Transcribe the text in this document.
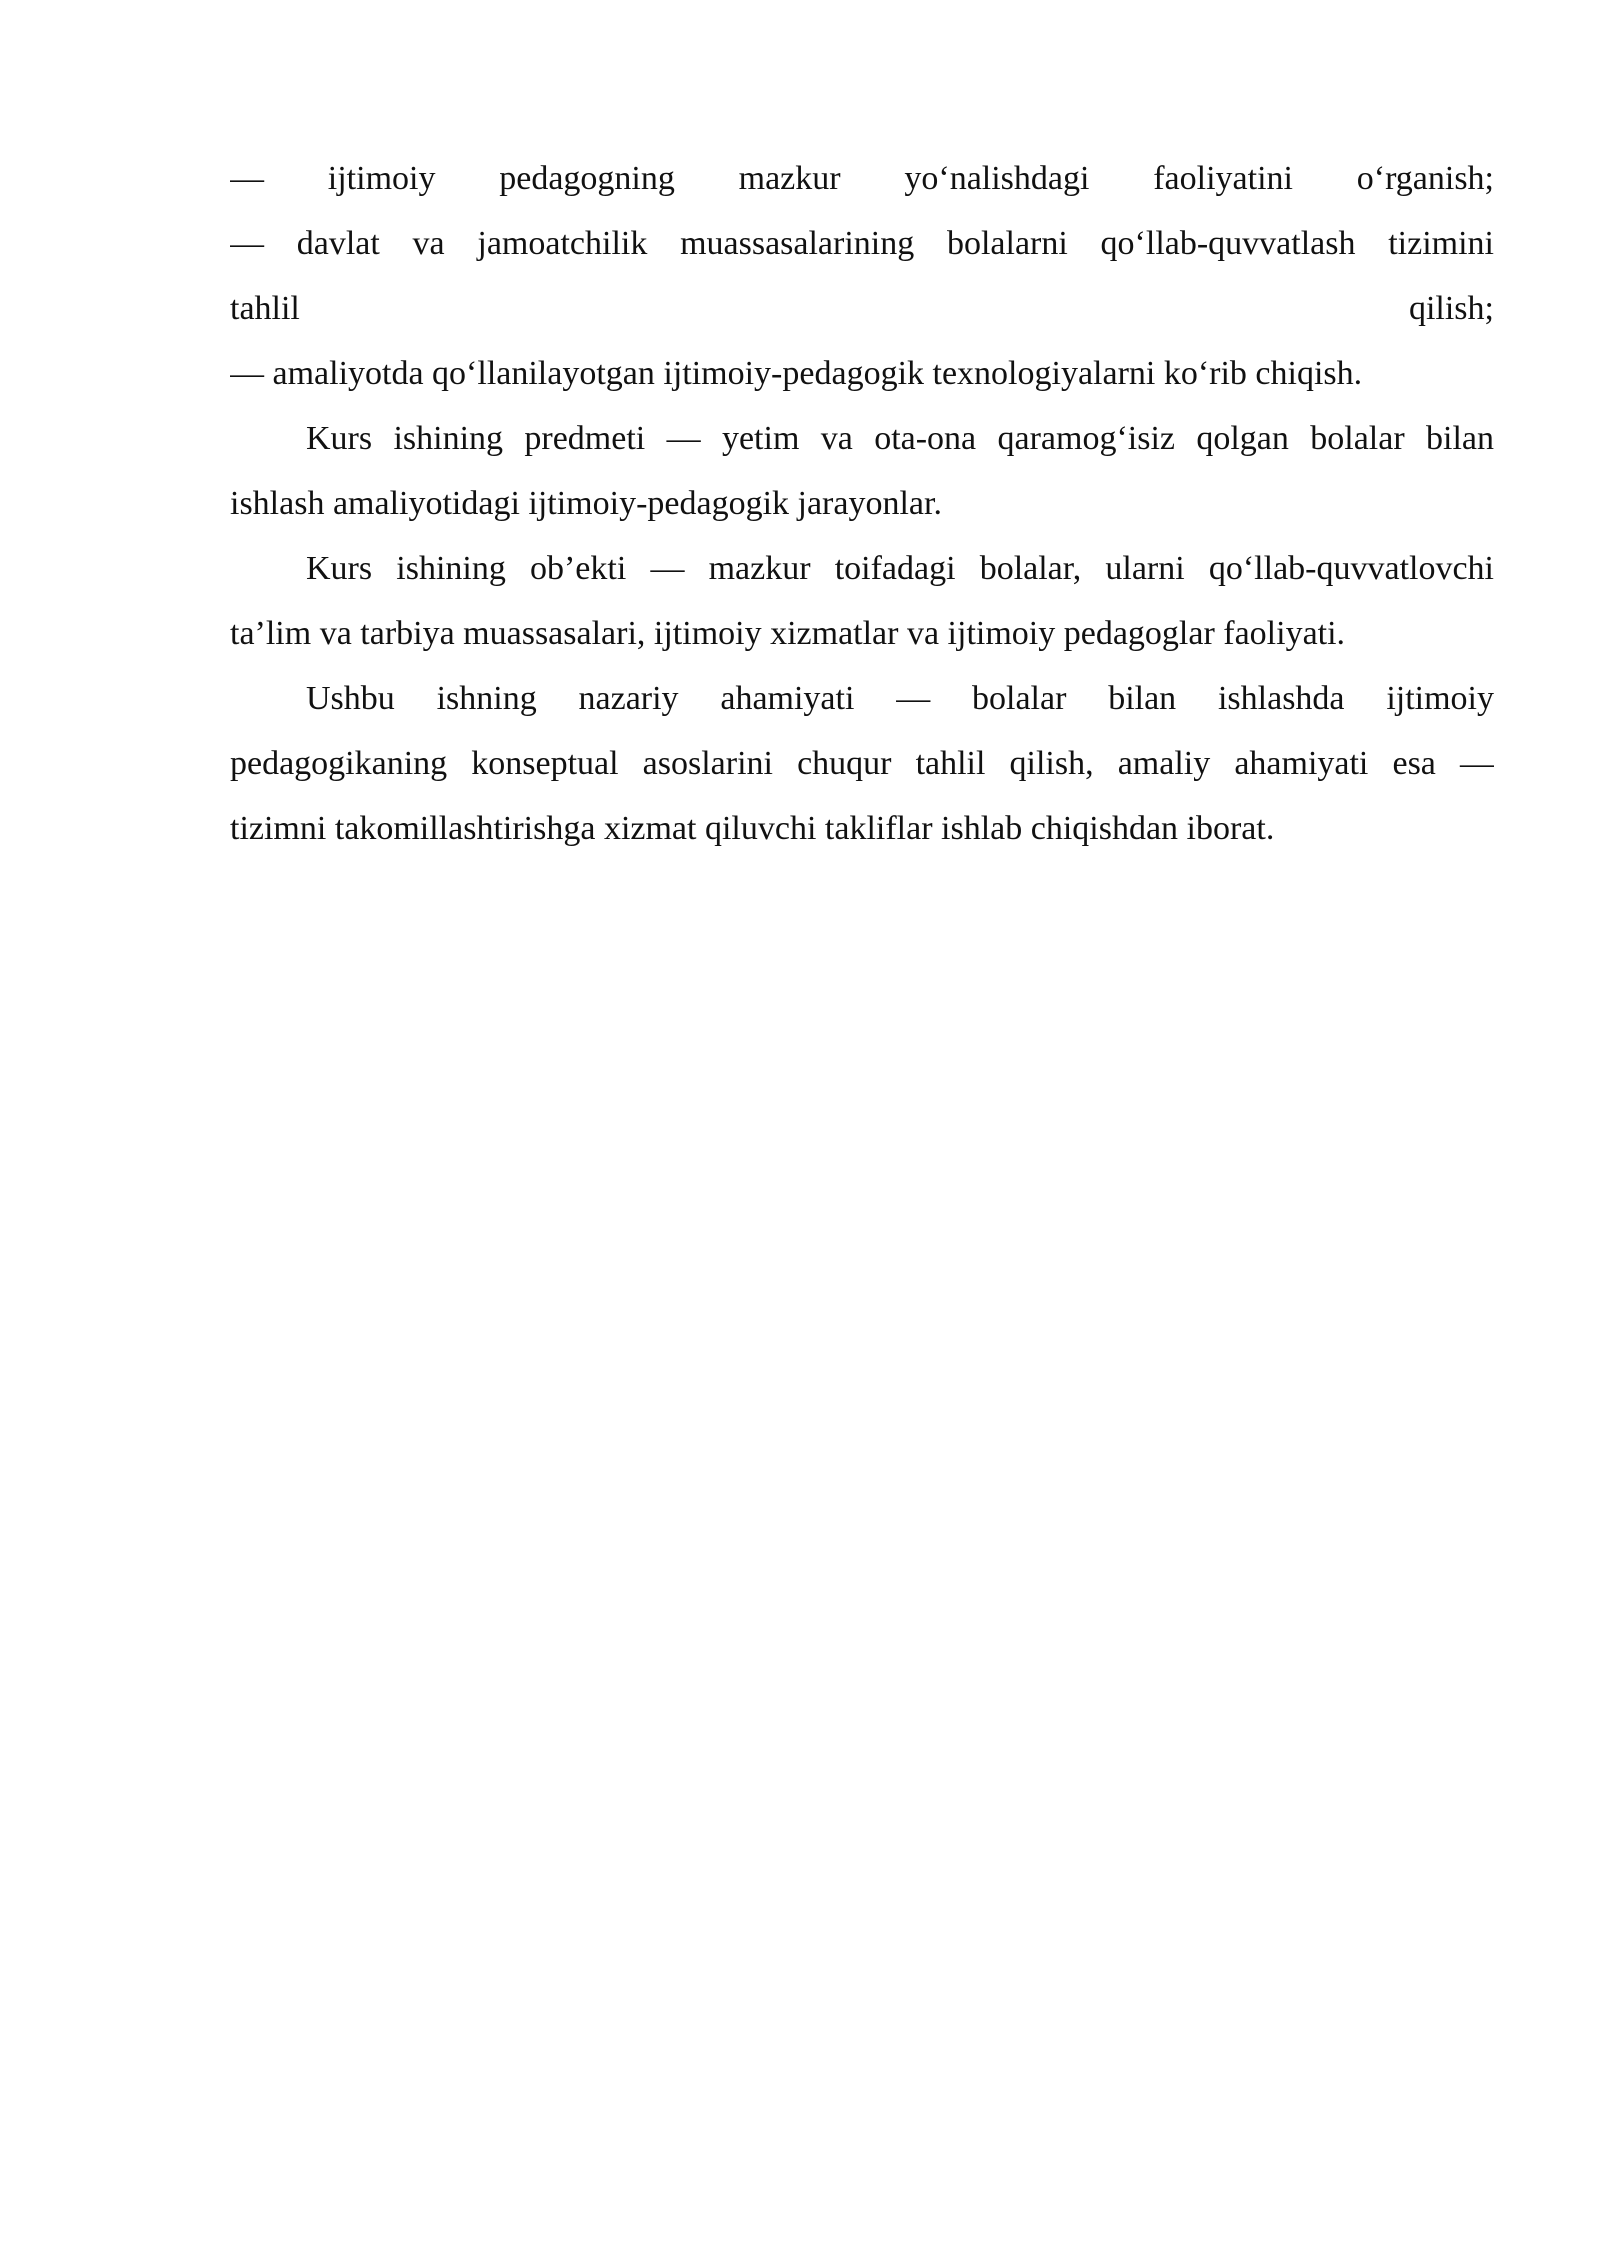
— ijtimoiy pedagogning mazkur yo‘nalishdagi faoliyatini o‘rganish;
— davlat va jamoatchilik muassasalarining bolalarni qo‘llab-quvvatlash tizimini
tahlil qilish;
— amaliyotda qo‘llanilayotgan ijtimoiy-pedagogik texnologiyalarni ko‘rib chiqish.
Kurs ishining predmeti — yetim va ota-ona qaramog‘isiz qolgan bolalar bilan
ishlash amaliyotidagi ijtimoiy-pedagogik jarayonlar.
Kurs ishining ob’ekti — mazkur toifadagi bolalar, ularni qo‘llab-quvvatlovchi
ta’lim va tarbiya muassasalari, ijtimoiy xizmatlar va ijtimoiy pedagoglar faoliyati.
Ushbu ishning nazariy ahamiyati — bolalar bilan ishlashda ijtimoiy
pedagogikaning konseptual asoslarini chuqur tahlil qilish, amaliy ahamiyati esa —
tizimni takomillashtirishga xizmat qiluvchi takliflar ishlab chiqishdan iborat.
